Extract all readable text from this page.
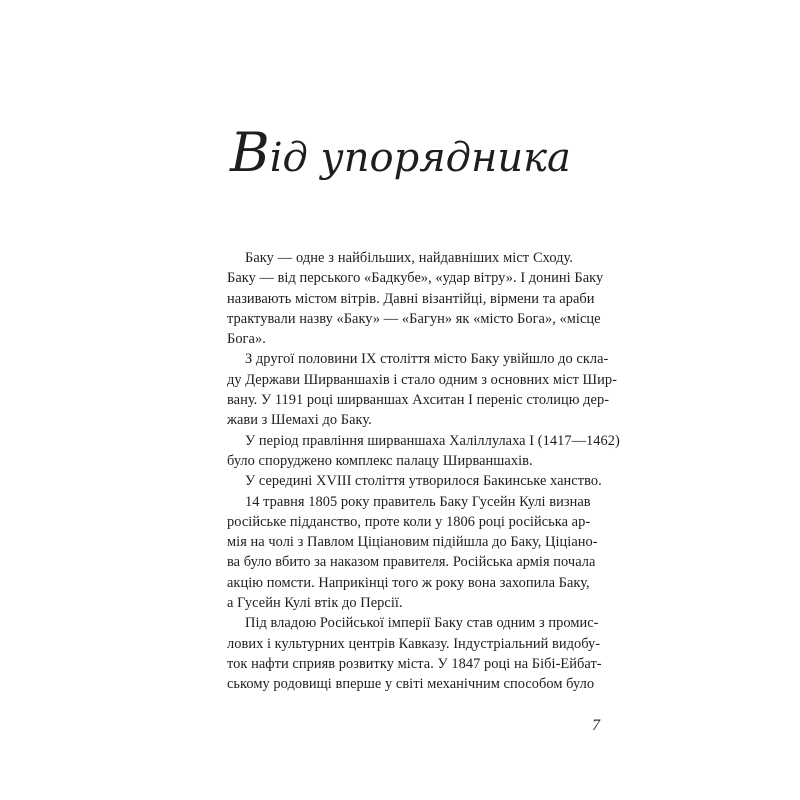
Від упорядника
Баку — одне з найбільших, найдавніших міст Сходу.
Баку — від перського «Бадкубе», «удар вітру». І донині Баку
називають містом вітрів. Давні візантійці, вірмени та араби
трактували назву «Баку» — «Багун» як «місто Бога», «місце
Бога».
З другої половини IX століття місто Баку увійшло до скла-
ду Держави Ширваншахів і стало одним з основних міст Шир-
вану. У 1191 році ширваншах Ахситан I переніс столицю дер-
жави з Шемахі до Баку.
У період правління ширваншаха Халіллулаха I (1417—1462)
було споруджено комплекс палацу Ширваншахів.
У середині XVIII століття утворилося Бакинське ханство.
14 травня 1805 року правитель Баку Гусейн Кулі визнав
російське підданство, проте коли у 1806 році російська ар-
мія на чолі з Павлом Ціціановим підійшла до Баку, Ціціано-
ва було вбито за наказом правителя. Російська армія почала
акцію помсти. Наприкінці того ж року вона захопила Баку,
а Гусейн Кулі втік до Персії.
Під владою Російської імперії Баку став одним з промис-
лових і культурних центрів Кавказу. Індустріальний видобу-
ток нафти сприяв розвитку міста. У 1847 році на Бібі-Ейбат-
ському родовищі вперше у світі механічним способом було

7
